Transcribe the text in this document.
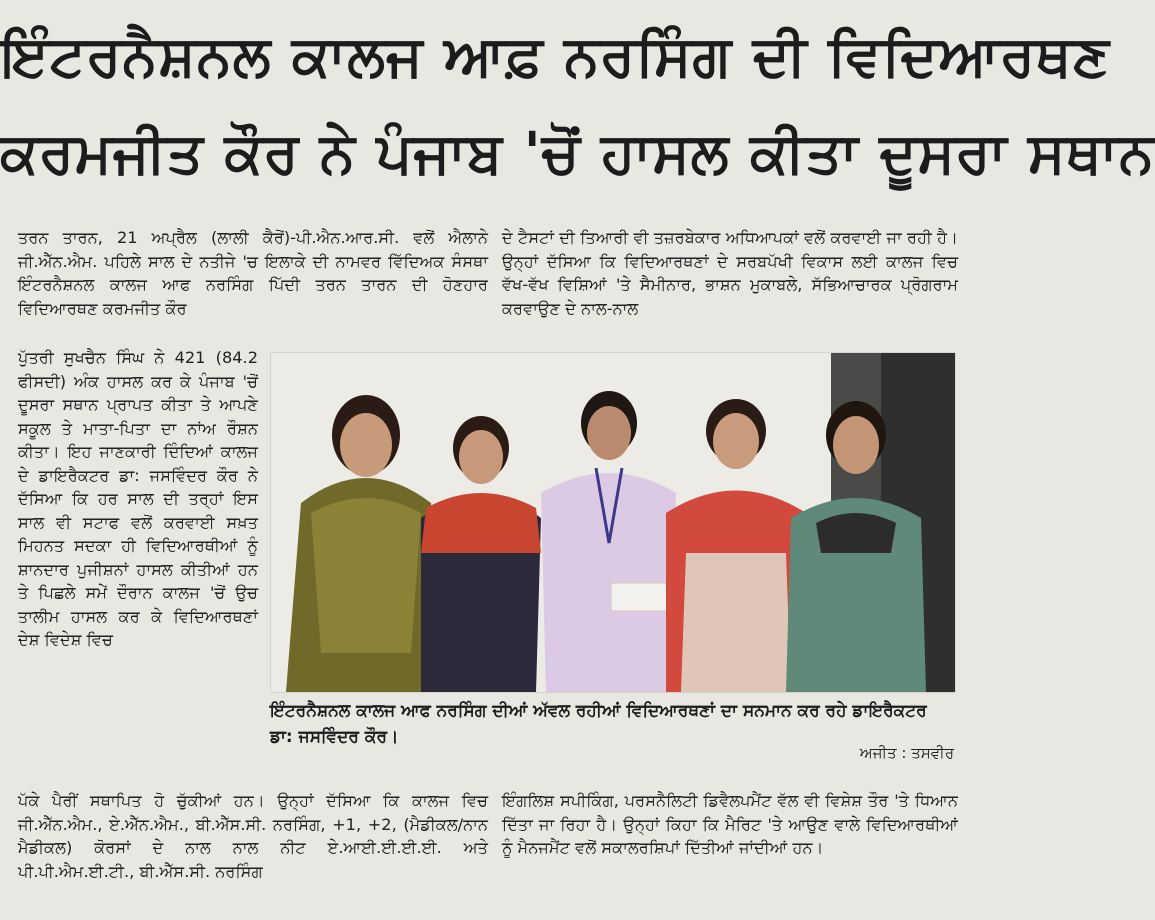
ਇੰਟਰਨੈਸ਼ਨਲ ਕਾਲਜ ਆਫ਼ ਨਰਸਿੰਗ ਦੀ ਵਿਦਿਆਰਥਣ
ਕਰਮਜੀਤ ਕੌਰ ਨੇ ਪੰਜਾਬ 'ਚੋਂ ਹਾਸਲ ਕੀਤਾ ਦੂਸਰਾ ਸਥਾਨ

ਤਰਨ ਤਾਰਨ, 21 ਅਪ੍ਰੈਲ (ਲਾਲੀ ਕੈਰੋਂ)-ਪੀ.ਐਨ.ਆਰ.ਸੀ. ਵਲੋਂ ਐਲਾਨੇ ਜੀ.ਐੱਨ.ਐਮ. ਪਹਿਲੇ ਸਾਲ ਦੇ ਨਤੀਜੇ 'ਚ ਇਲਾਕੇ ਦੀ ਨਾਮਵਰ ਵਿੱਦਿਅਕ ਸੰਸਥਾ ਇੰਟਰਨੈਸ਼ਨਲ ਕਾਲਜ ਆਫ ਨਰਸਿੰਗ ਪਿੱਦੀ ਤਰਨ ਤਾਰਨ ਦੀ ਹੋਣਹਾਰ ਵਿਦਿਆਰਥਣ ਕਰਮਜੀਤ ਕੌਰ

ਦੇ ਟੈਸਟਾਂ ਦੀ ਤਿਆਰੀ ਵੀ ਤਜ਼ਰਬੇਕਾਰ ਅਧਿਆਪਕਾਂ ਵਲੋਂ ਕਰਵਾਈ ਜਾ ਰਹੀ ਹੈ। ਉਨ੍ਹਾਂ ਦੱਸਿਆ ਕਿ ਵਿਦਿਆਰਥਣਾਂ ਦੇ ਸਰਬਪੱਖੀ ਵਿਕਾਸ ਲਈ ਕਾਲਜ ਵਿਚ ਵੱਖ-ਵੱਖ ਵਿਸ਼ਿਆਂ 'ਤੇ ਸੈਮੀਨਾਰ, ਭਾਸ਼ਨ ਮੁਕਾਬਲੇ, ਸੱਭਿਆਚਾਰਕ ਪ੍ਰੋਗਰਾਮ ਕਰਵਾਉਣ ਦੇ ਨਾਲ-ਨਾਲ

ਪੁੱਤਰੀ ਸੁਖਚੈਨ ਸਿੰਘ ਨੇ 421 (84.2 ਫੀਸਦੀ) ਅੰਕ ਹਾਸਲ ਕਰ ਕੇ ਪੰਜਾਬ 'ਚੋਂ ਦੂਸਰਾ ਸਥਾਨ ਪ੍ਰਾਪਤ ਕੀਤਾ ਤੇ ਆਪਣੇ ਸਕੂਲ ਤੇ ਮਾਤਾ-ਪਿਤਾ ਦਾ ਨਾਂਅ ਰੌਸ਼ਨ ਕੀਤਾ। ਇਹ ਜਾਣਕਾਰੀ ਦਿੰਦਿਆਂ ਕਾਲਜ ਦੇ ਡਾਇਰੈਕਟਰ ਡਾ: ਜਸਵਿੰਦਰ ਕੌਰ ਨੇ ਦੱਸਿਆ ਕਿ ਹਰ ਸਾਲ ਦੀ ਤਰ੍ਹਾਂ ਇਸ ਸਾਲ ਵੀ ਸਟਾਫ ਵਲੋਂ ਕਰਵਾਈ ਸਖ਼ਤ ਮਿਹਨਤ ਸਦਕਾ ਹੀ ਵਿਦਿਆਰਥੀਆਂ ਨੂੰ ਸ਼ਾਨਦਾਰ ਪੁਜੀਸ਼ਨਾਂ ਹਾਸਲ ਕੀਤੀਆਂ ਹਨ ਤੇ ਪਿਛਲੇ ਸਮੇਂ ਦੌਰਾਨ ਕਾਲਜ 'ਚੋਂ ਉਚ ਤਾਲੀਮ ਹਾਸਲ ਕਰ ਕੇ ਵਿਦਿਆਰਥਣਾਂ ਦੇਸ਼ ਵਿਦੇਸ਼ ਵਿਚ

ਪੱਕੇ ਪੈਰੀਂ ਸਥਾਪਿਤ ਹੋ ਚੁੱਕੀਆਂ ਹਨ। ਉਨ੍ਹਾਂ ਦੱਸਿਆ ਕਿ ਕਾਲਜ ਵਿਚ ਜੀ.ਐੱਨ.ਐਮ., ਏ.ਐੱਨ.ਐਮ., ਬੀ.ਐੱਸ.ਸੀ. ਨਰਸਿੰਗ, +1, +2, (ਮੈਡੀਕਲ/ਨਾਨ ਮੈਡੀਕਲ) ਕੋਰਸਾਂ ਦੇ ਨਾਲ ਨਾਲ ਨੀਟ ਏ.ਆਈ.ਈ.ਈ.ਈ. ਅਤੇ ਪੀ.ਪੀ.ਐਮ.ਈ.ਟੀ., ਬੀ.ਐੱਸ.ਸੀ. ਨਰਸਿੰਗ

ਇੰਗਲਿਸ਼ ਸਪੀਕਿੰਗ, ਪਰਸਨੈਲਿਟੀ ਡਿਵੈਲਪਮੈਂਟ ਵੱਲ ਵੀ ਵਿਸ਼ੇਸ਼ ਤੌਰ 'ਤੇ ਧਿਆਨ ਦਿੱਤਾ ਜਾ ਰਿਹਾ ਹੈ। ਉਨ੍ਹਾਂ ਕਿਹਾ ਕਿ ਮੈਰਿਟ 'ਤੇ ਆਉਣ ਵਾਲੇ ਵਿਦਿਆਰਥੀਆਂ ਨੂੰ ਮੈਨਜਮੈਂਟ ਵਲੋਂ ਸਕਾਲਰਸ਼ਿਪਾਂ ਦਿੱਤੀਆਂ ਜਾਂਦੀਆਂ ਹਨ।

ਇੰਟਰਨੈਸ਼ਨਲ ਕਾਲਜ ਆਫ ਨਰਸਿੰਗ ਦੀਆਂ ਅੱਵਲ ਰਹੀਆਂ ਵਿਦਿਆਰਥਣਾਂ ਦਾ ਸਨਮਾਨ ਕਰ ਰਹੇ ਡਾਇਰੈਕਟਰ ਡਾ: ਜਸਵਿੰਦਰ ਕੌਰ।
ਅਜੀਤ : ਤਸਵੀਰ
